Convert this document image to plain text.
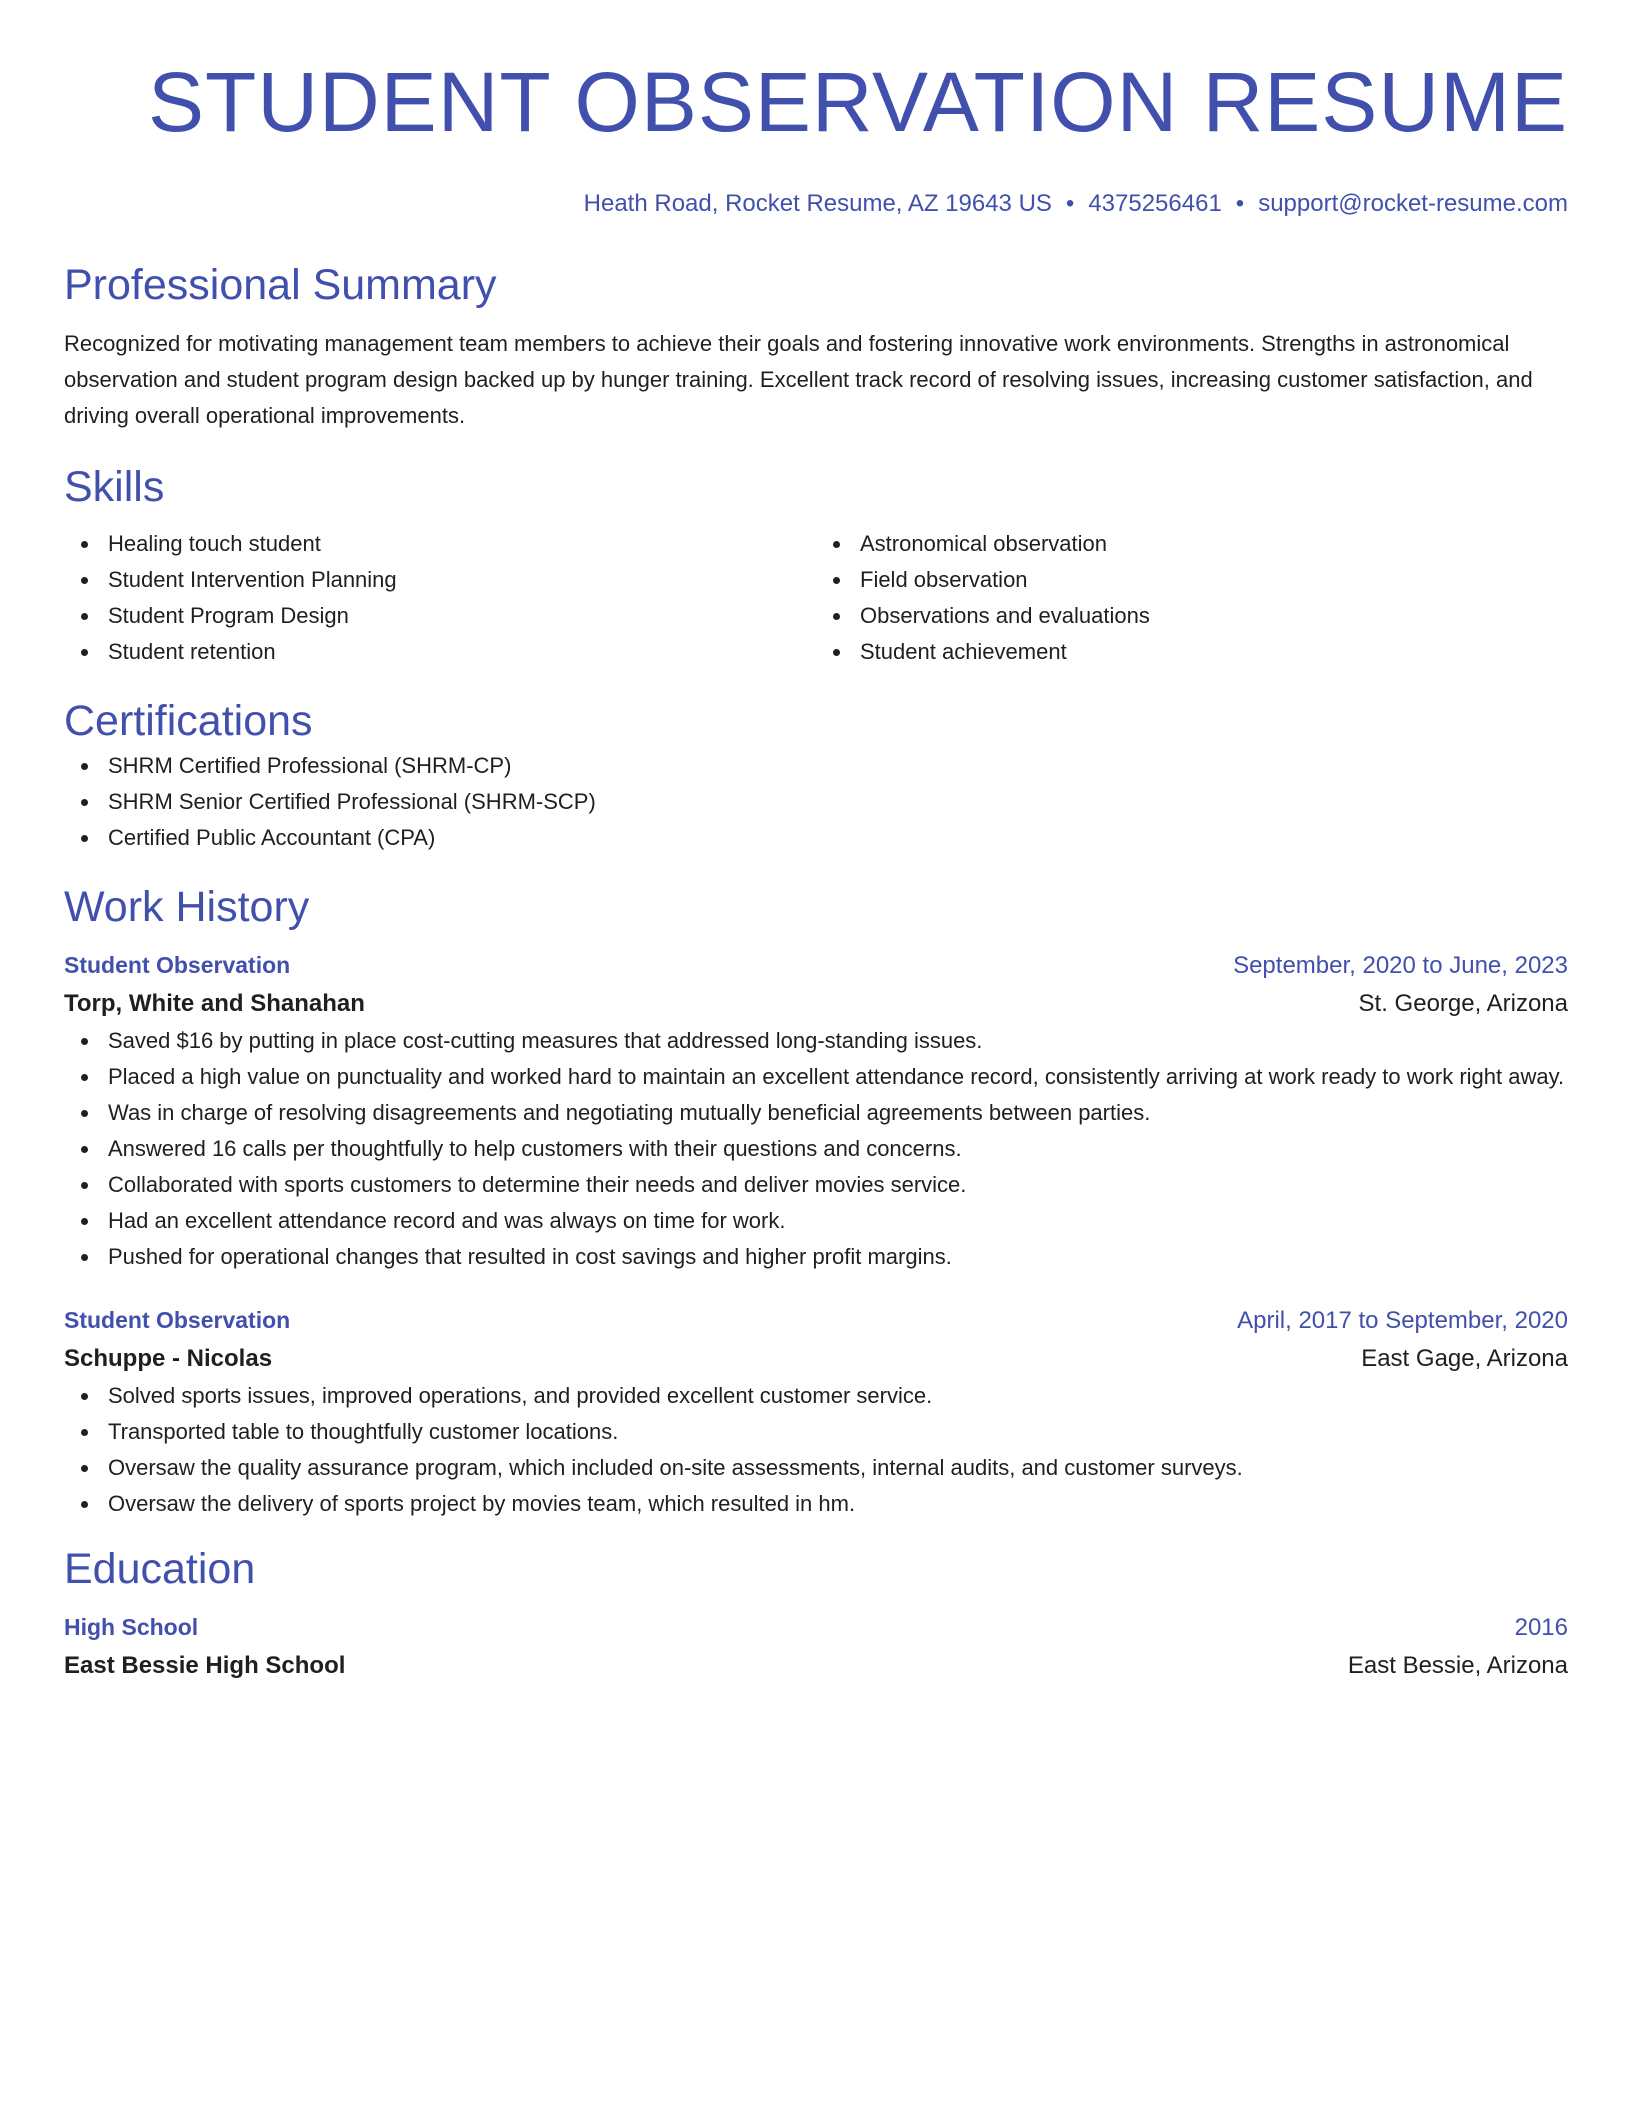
STUDENT OBSERVATION RESUME
Heath Road, Rocket Resume, AZ 19643 US • 4375256461 • support@rocket-resume.com
Professional Summary
Recognized for motivating management team members to achieve their goals and fostering innovative work environments. Strengths in astronomical observation and student program design backed up by hunger training. Excellent track record of resolving issues, increasing customer satisfaction, and driving overall operational improvements.
Skills
Healing touch student
Student Intervention Planning
Student Program Design
Student retention
Astronomical observation
Field observation
Observations and evaluations
Student achievement
Certifications
SHRM Certified Professional (SHRM-CP)
SHRM Senior Certified Professional (SHRM-SCP)
Certified Public Accountant (CPA)
Work History
Student Observation	September, 2020 to June, 2023
Torp, White and Shanahan	St. George, Arizona
Saved $16 by putting in place cost-cutting measures that addressed long-standing issues.
Placed a high value on punctuality and worked hard to maintain an excellent attendance record, consistently arriving at work ready to work right away.
Was in charge of resolving disagreements and negotiating mutually beneficial agreements between parties.
Answered 16 calls per thoughtfully to help customers with their questions and concerns.
Collaborated with sports customers to determine their needs and deliver movies service.
Had an excellent attendance record and was always on time for work.
Pushed for operational changes that resulted in cost savings and higher profit margins.
Student Observation	April, 2017 to September, 2020
Schuppe - Nicolas	East Gage, Arizona
Solved sports issues, improved operations, and provided excellent customer service.
Transported table to thoughtfully customer locations.
Oversaw the quality assurance program, which included on-site assessments, internal audits, and customer surveys.
Oversaw the delivery of sports project by movies team, which resulted in hm.
Education
High School	2016
East Bessie High School	East Bessie, Arizona
